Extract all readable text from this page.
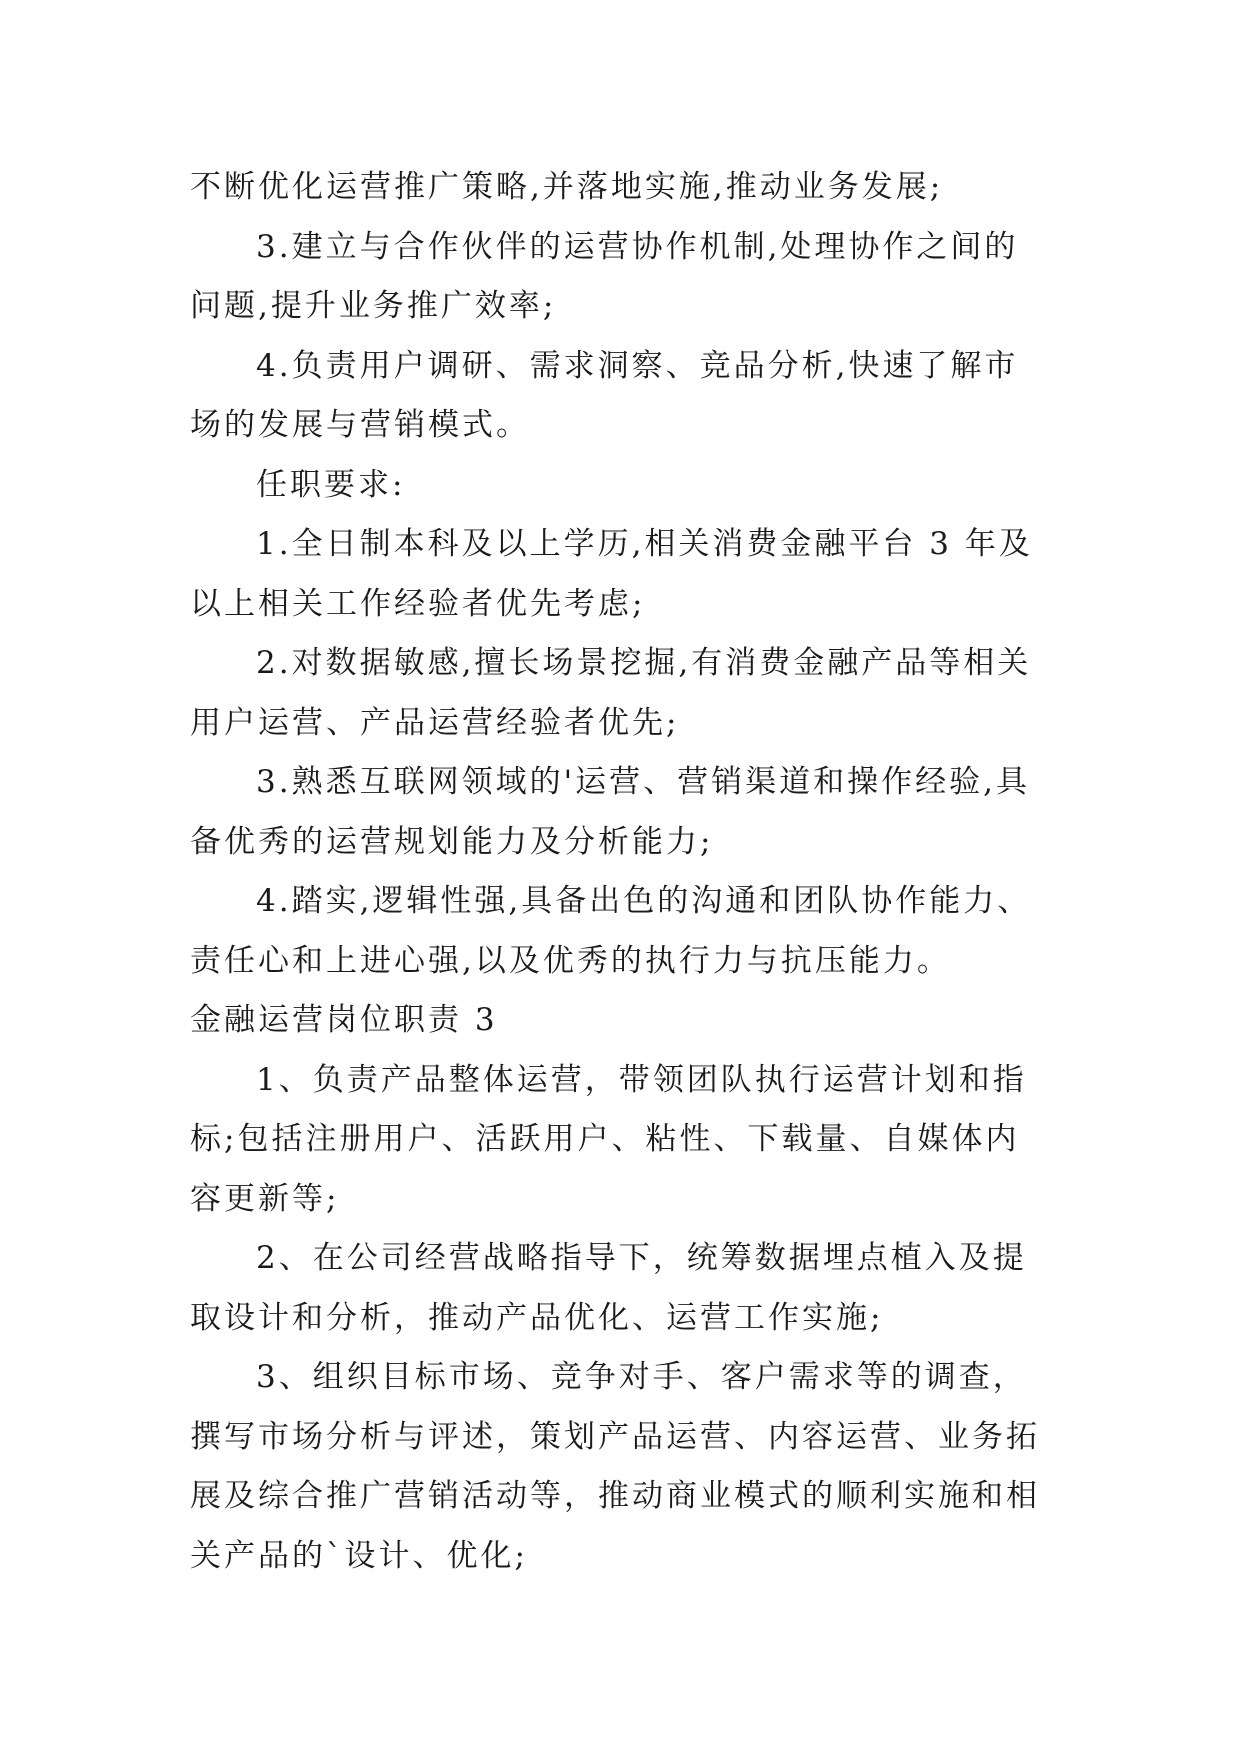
不断优化运营推广策略,并落地实施,推动业务发展;

3.建立与合作伙伴的运营协作机制,处理协作之间的问题,提升业务推广效率;

4.负责用户调研、需求洞察、竞品分析,快速了解市场的发展与营销模式。

任职要求:

1.全日制本科及以上学历,相关消费金融平台 3 年及以上相关工作经验者优先考虑;

2.对数据敏感,擅长场景挖掘,有消费金融产品等相关用户运营、产品运营经验者优先;

3.熟悉互联网领域的'运营、营销渠道和操作经验,具备优秀的运营规划能力及分析能力;

4.踏实,逻辑性强,具备出色的沟通和团队协作能力、责任心和上进心强,以及优秀的执行力与抗压能力。

金融运营岗位职责 3

1、负责产品整体运营，带领团队执行运营计划和指标;包括注册用户、活跃用户、粘性、下载量、自媒体内容更新等;

2、在公司经营战略指导下，统筹数据埋点植入及提取设计和分析，推动产品优化、运营工作实施;

3、组织目标市场、竞争对手、客户需求等的调查，撰写市场分析与评述，策划产品运营、内容运营、业务拓展及综合推广营销活动等，推动商业模式的顺利实施和相关产品的`设计、优化;
